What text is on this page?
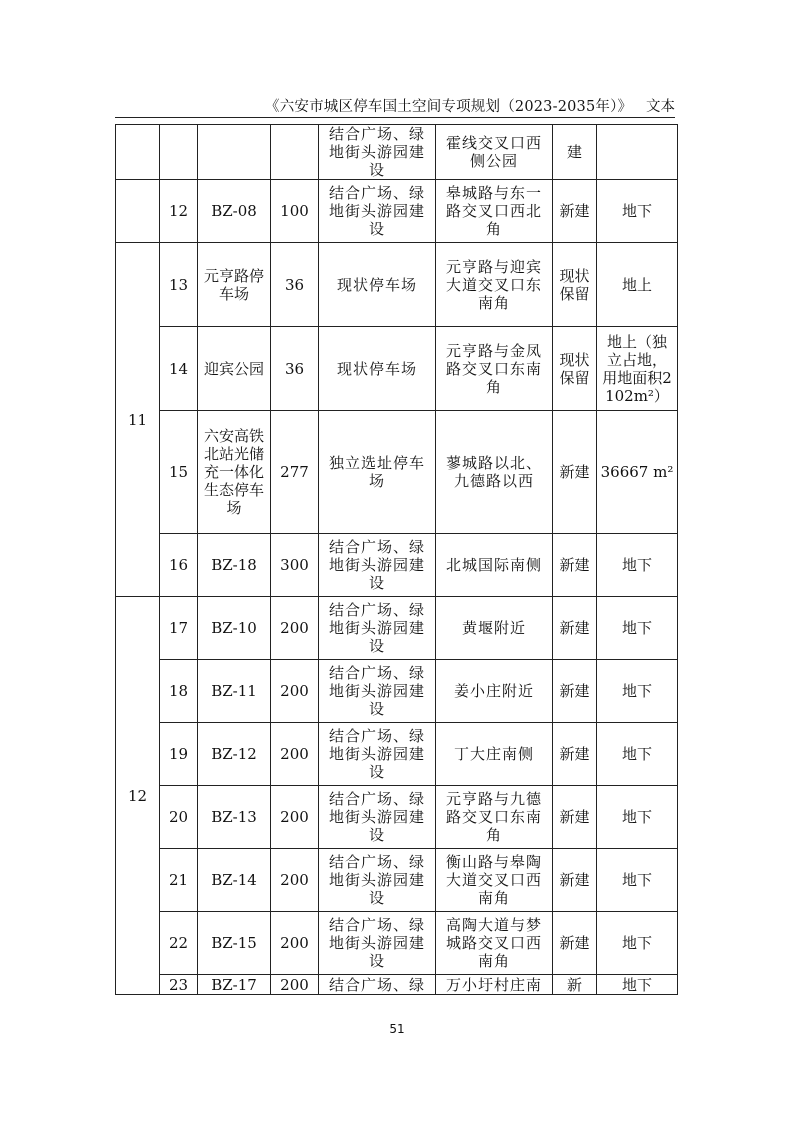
《六安市城区停车国土空间专项规划（2023-2035年）》 文本
				结合广场、绿地街头游园建设	霍线交叉口西侧公园	建	
	12	BZ-08	100	结合广场、绿地街头游园建设	皋城路与东一路交叉口西北角	新建	地下
11	13	元亨路停车场	36	现状停车场	元亨路与迎宾大道交叉口东南角	现状保留	地上
	14	迎宾公园	36	现状停车场	元亨路与金凤路交叉口东南角	现状保留	地上（独立占地，用地面积2102m²）
	15	六安高铁北站光储充一体化生态停车场	277	独立选址停车场	蓼城路以北、九德路以西	新建	36667 m²
	16	BZ-18	300	结合广场、绿地街头游园建设	北城国际南侧	新建	地下
12	17	BZ-10	200	结合广场、绿地街头游园建设	黄堰附近	新建	地下
	18	BZ-11	200	结合广场、绿地街头游园建设	姜小庄附近	新建	地下
	19	BZ-12	200	结合广场、绿地街头游园建设	丁大庄南侧	新建	地下
	20	BZ-13	200	结合广场、绿地街头游园建设	元亨路与九德路交叉口东南角	新建	地下
	21	BZ-14	200	结合广场、绿地街头游园建设	衡山路与皋陶大道交叉口西南角	新建	地下
	22	BZ-15	200	结合广场、绿地街头游园建设	高陶大道与梦城路交叉口西南角	新建	地下
	23	BZ-17	200	结合广场、绿	万小圩村庄南	新	地下
51
